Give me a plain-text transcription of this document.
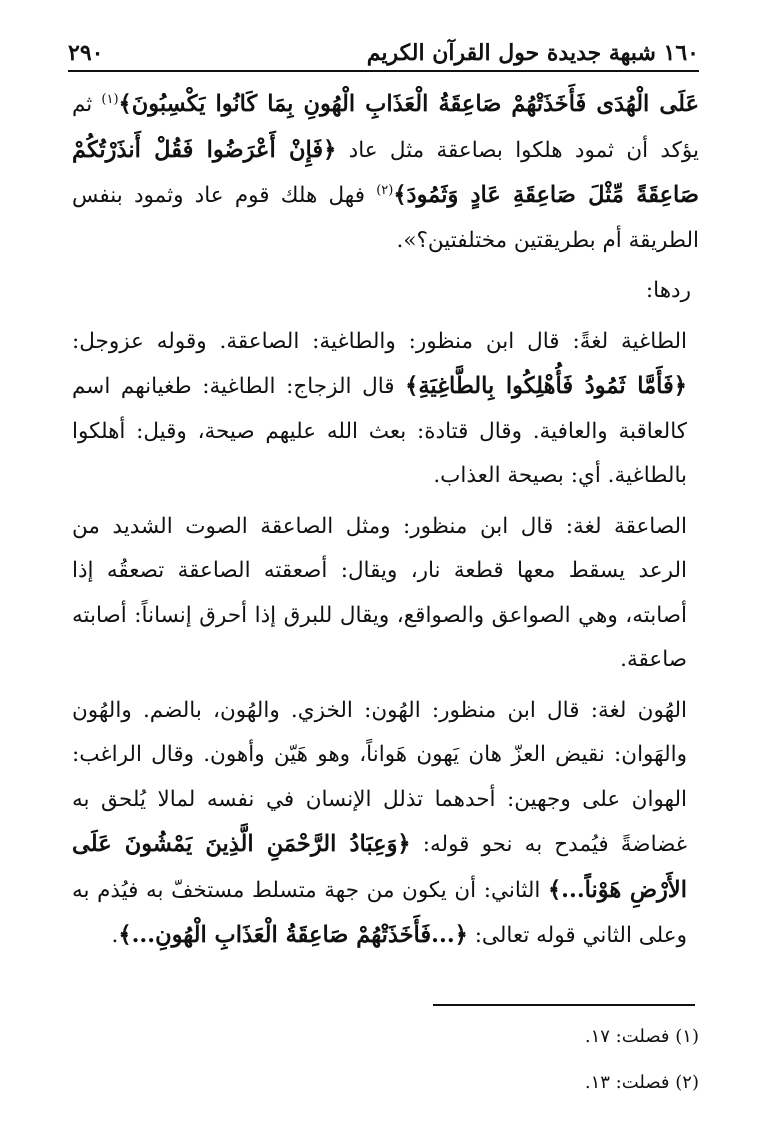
١٦٠ شبهة جديدة حول القرآن الكريم
٢٩٠

عَلَى الْهُدَى فَأَخَذَتْهُمْ صَاعِقَةُ الْعَذَابِ الْهُونِ بِمَا كَانُوا يَكْسِبُونَ﴾$^{(١)}$ ثم يؤكد أن ثمود هلكوا بصاعقة مثل عاد ﴿فَإِنْ أَعْرَضُوا فَقُلْ أَنذَرْتُكُمْ صَاعِقَةً مِّثْلَ صَاعِقَةِ عَادٍ وَثَمُودَ﴾$^{(٢)}$ فهل هلك قوم عاد وثمود بنفس الطريقة أم بطريقتين مختلفتين؟».

ردها:

الطاغية لغةً: قال ابن منظور: والطاغية: الصاعقة. وقوله عزوجل: ﴿فَأَمَّا ثَمُودُ فَأُهْلِكُوا بِالطَّاغِيَةِ﴾ قال الزجاج: الطاغية: طغيانهم اسم كالعاقبة والعافية. وقال قتادة: بعث الله عليهم صيحة، وقيل: أهلكوا بالطاغية. أي: بصيحة العذاب.

الصاعقة لغة: قال ابن منظور: ومثل الصاعقة الصوت الشديد من الرعد يسقط معها قطعة نار، ويقال: أصعقته الصاعقة تصعقُه إذا أصابته، وهي الصواعق والصواقع، ويقال للبرق إذا أحرق إنساناً: أصابته صاعقة.

الهُون لغة: قال ابن منظور: الهُون: الخزي. والهُون، بالضم. والهُون والهَوان: نقيض العزّ هان يَهون هَواناً، وهو هَيّن وأهون. وقال الراغب: الهوان على وجهين: أحدهما تذلل الإنسان في نفسه لمالا يُلحق به غضاضةً فيُمدح به نحو قوله: ﴿وَعِبَادُ الرَّحْمَنِ الَّذِينَ يَمْشُونَ عَلَى الأَرْضِ هَوْناً...﴾ الثاني: أن يكون من جهة متسلط مستخفّ به فيُذم به وعلى الثاني قوله تعالى: ﴿...فَأَخَذَتْهُمْ صَاعِقَةُ الْعَذَابِ الْهُونِ...﴾.

(١) فصلت: ١٧.
(٢) فصلت: ١٣.
